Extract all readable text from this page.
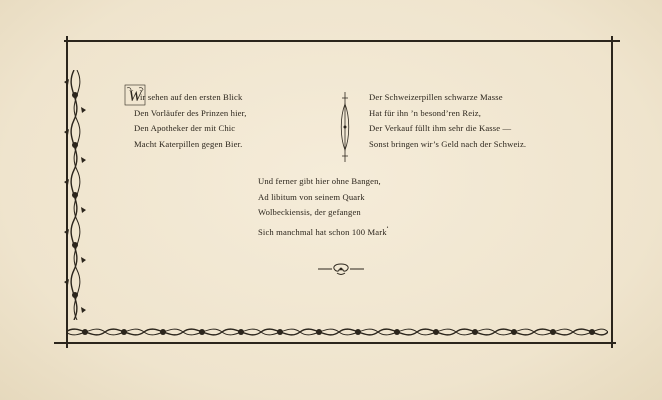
W
ir sehen auf den ersten Blick
Den Vorläufer des Prinzen hier,
Den Apotheker der mit Chic
Macht Katerpillen gegen Bier.
Der Schweizerpillen schwarze Masse
Hat für ihn ’n besond’ren Reiz,
Der Verkauf füllt ihm sehr die Kasse —
Sonst bringen wir’s Geld nach der Schweiz.
Und ferner gibt hier ohne Bangen,
Ad libitum von seinem Quark
Wolbeckiensis, der gefangen
Sich manchmal hat schon 100 Mark•
